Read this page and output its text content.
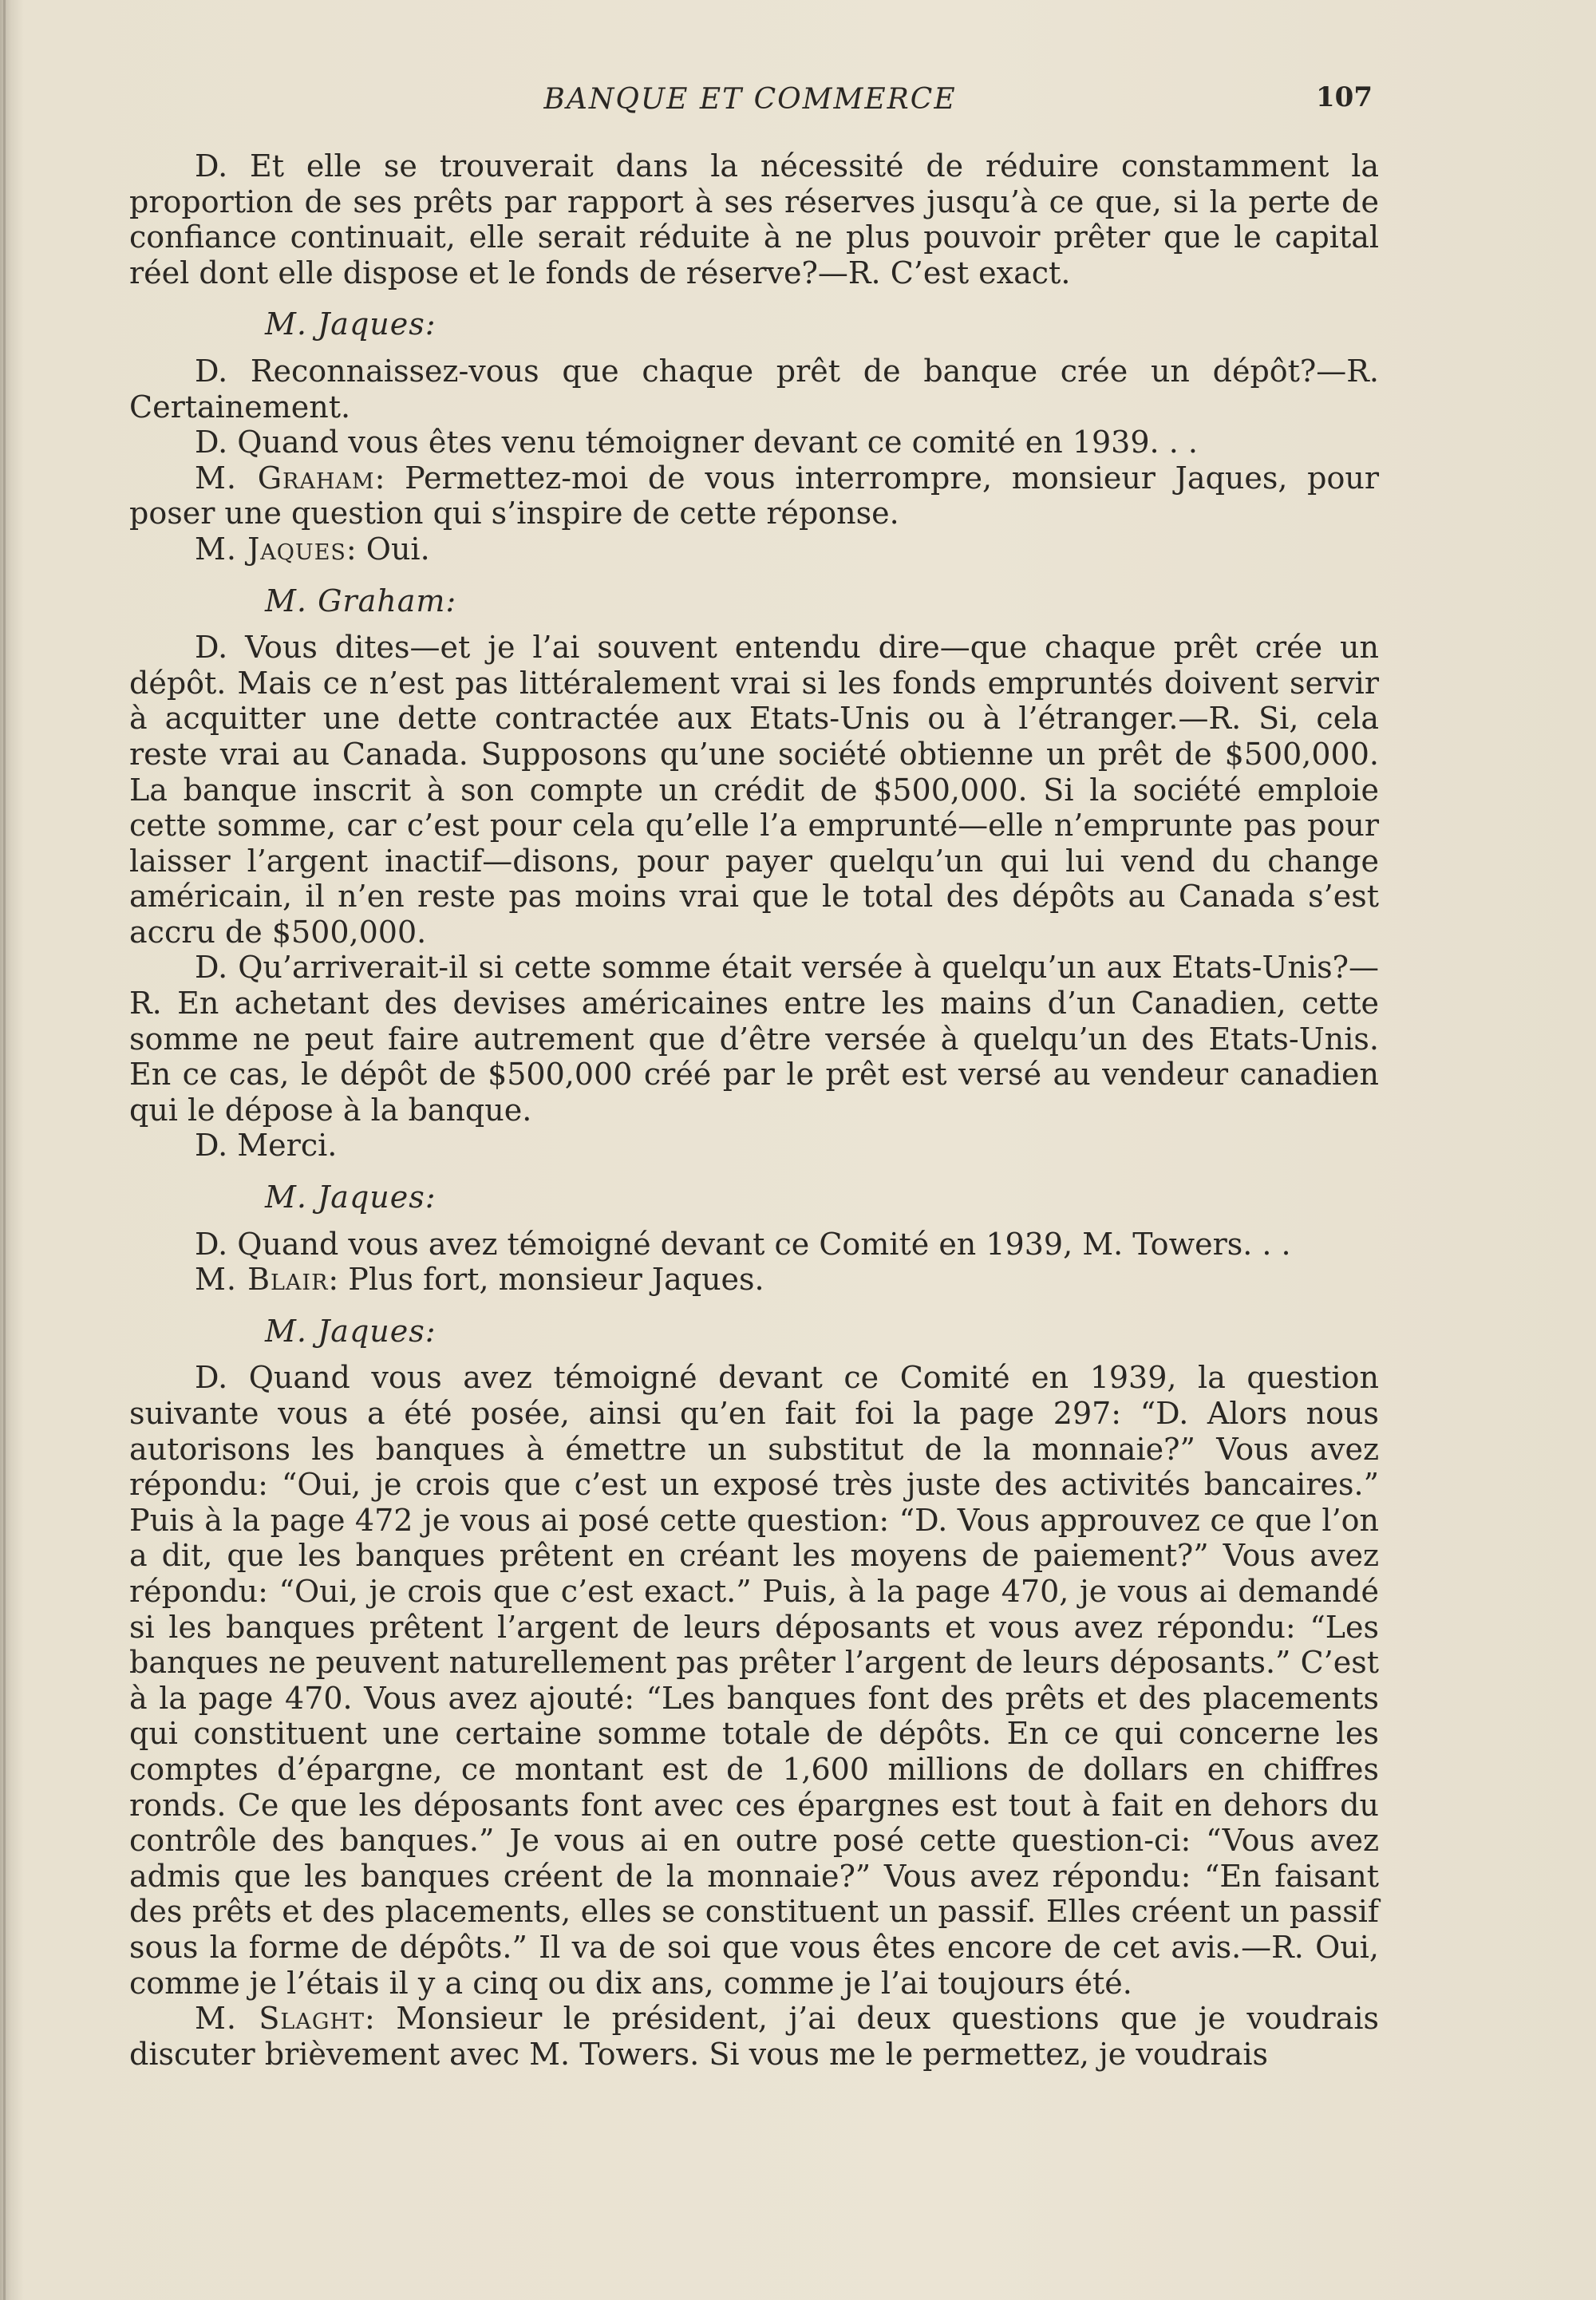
BANQUE ET COMMERCE	107

D. Et elle se trouverait dans la nécessité de réduire constamment la proportion de ses prêts par rapport à ses réserves jusqu’à ce que, si la perte de confiance continuait, elle serait réduite à ne plus pouvoir prêter que le capital réel dont elle dispose et le fonds de réserve?—R. C’est exact.

M. Jaques:

D. Reconnaissez-vous que chaque prêt de banque crée un dépôt?—R. Certainement.

D. Quand vous êtes venu témoigner devant ce comité en 1939. . .

M. Graham: Permettez-moi de vous interrompre, monsieur Jaques, pour poser une question qui s’inspire de cette réponse.

M. Jaques: Oui.

M. Graham:

D. Vous dites—et je l’ai souvent entendu dire—que chaque prêt crée un dépôt. Mais ce n’est pas littéralement vrai si les fonds empruntés doivent servir à acquitter une dette contractée aux Etats-Unis ou à l’étranger.—R. Si, cela reste vrai au Canada. Supposons qu’une société obtienne un prêt de $500,000. La banque inscrit à son compte un crédit de $500,000. Si la société emploie cette somme, car c’est pour cela qu’elle l’a emprunté—elle n’emprunte pas pour laisser l’argent inactif—disons, pour payer quelqu’un qui lui vend du change américain, il n’en reste pas moins vrai que le total des dépôts au Canada s’est accru de $500,000.

D. Qu’arriverait-il si cette somme était versée à quelqu’un aux Etats-Unis?—R. En achetant des devises américaines entre les mains d’un Canadien, cette somme ne peut faire autrement que d’être versée à quelqu’un des Etats-Unis. En ce cas, le dépôt de $500,000 créé par le prêt est versé au vendeur canadien qui le dépose à la banque.

D. Merci.

M. Jaques:

D. Quand vous avez témoigné devant ce Comité en 1939, M. Towers. . .

M. Blair: Plus fort, monsieur Jaques.

M. Jaques:

D. Quand vous avez témoigné devant ce Comité en 1939, la question suivante vous a été posée, ainsi qu’en fait foi la page 297: “D. Alors nous autorisons les banques à émettre un substitut de la monnaie?” Vous avez répondu: “Oui, je crois que c’est un exposé très juste des activités bancaires.” Puis à la page 472 je vous ai posé cette question: “D. Vous approuvez ce que l’on a dit, que les banques prêtent en créant les moyens de paiement?” Vous avez répondu: “Oui, je crois que c’est exact.” Puis, à la page 470, je vous ai demandé si les banques prêtent l’argent de leurs déposants et vous avez répondu: “Les banques ne peuvent naturellement pas prêter l’argent de leurs déposants.” C’est à la page 470. Vous avez ajouté: “Les banques font des prêts et des placements qui constituent une certaine somme totale de dépôts. En ce qui concerne les comptes d’épargne, ce montant est de 1,600 millions de dollars en chiffres ronds. Ce que les déposants font avec ces épargnes est tout à fait en dehors du contrôle des banques.” Je vous ai en outre posé cette question-ci: “Vous avez admis que les banques créent de la monnaie?” Vous avez répondu: “En faisant des prêts et des placements, elles se constituent un passif. Elles créent un passif sous la forme de dépôts.” Il va de soi que vous êtes encore de cet avis.—R. Oui, comme je l’étais il y a cinq ou dix ans, comme je l’ai toujours été.

M. Slaght: Monsieur le président, j’ai deux questions que je voudrais discuter brièvement avec M. Towers. Si vous me le permettez, je voudrais
